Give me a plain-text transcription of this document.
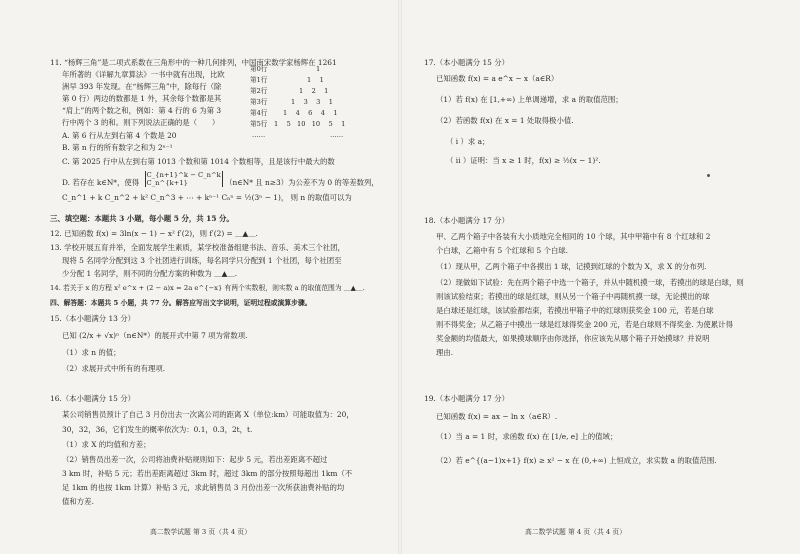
11. “杨辉三角”是二项式系数在三角形中的一种几何排列，中国南宋数学家杨辉在 1261
年所著的《详解九章算法》一书中就有出现，比欧
洲早 393 年发现。在“杨辉三角”中，除每行（除
第 0 行）两边的数都是 1 外，其余每个数都是其
“肩上”的两个数之和，例如：第 4 行的 6 为第 3
行中两个 3 的和。则下列说法正确的是（　　）
第0行	1
第1行	1    1
第2行	1    2    1
第3行	1    3    3    1
第4行 1    4    6    4    1
第5行 1    5   10   10    5    1
……	……
A. 第 6 行从左到右第 4 个数是 20
B. 第 n 行的所有数字之和为 2ⁿ⁻¹
C. 第 2025 行中从左到右第 1013 个数和第 1014 个数相等，且是该行中最大的数
D. 若存在 k∈N*，使得 C_{n+1}^k − C_n^k
C_n^{k+1}	（n∈N* 且 n≥3）为公差不为 0 的等差数列，
C_n^1 + k C_n^2 + k² C_n^3 + ⋯ + kⁿ⁻¹ Cₙⁿ = ½(3ⁿ − 1)， 则 n 的取值可以为
三、填空题：本题共 3 小题，每小题 5 分，共 15 分。
12. 已知函数 f(x) = 3ln(x − 1) − x² f′(2)，则 f′(2) = ＿▲＿.
13. 学校开展五育并举，全面发展学生素质，某学校准备组建书法、音乐、美术三个社团，
现将 5 名同学分配到这 3 个社团进行训练，每名同学只分配到 1 个社团，每个社团至
少分配 1 名同学，则不同的分配方案的种数为 ＿▲＿.
14. 若关于 x 的方程 x² e^x + (2 − a)x = 2a e^{−x} 有两个实数根，则实数 a 的取值范围为 ＿▲＿.
四、解答题：本题共 5 小题，共 77 分。解答应写出文字说明，证明过程或演算步骤。
15.（本小题满分 13 分）
已知 (2/x + √x)ⁿ（n∈N*）的展开式中第 7 项为常数项.
（1）求 n 的值；
（2）求展开式中所有的有理项.
16.（本小题满分 15 分）
某公司销售员预计了自己 3 月份出去一次离公司的距离 X（单位:km）可能取值为：20，
30，32，36，它们发生的概率依次为：0.1，0.3，2t，t.
（1）求 X 的均值和方差；
（2）销售员出差一次，公司将油费补贴规则如下：起步 5 元，若出差距离不超过
3 km 时，补贴 5 元；若出差距离超过 3km 时，超过 3km 的部分按照每超出 1km（不
足 1km 的也按 1km 计算）补贴 3 元，求此销售员 3 月份出差一次所获油费补贴的均
值和方差.
高二数学试题 第 3 页（共 4 页）
17.（本小题满分 15 分）
已知函数 f(x) = a e^x − x（a∈R）
（1）若 f(x) 在 [1,+∞) 上单调递增，求 a 的取值范围；
（2）若函数 f(x) 在 x = 1 处取得极小值.
（ i ）求 a；
（ ii ）证明：当 x ≥ 1 时，f(x) ≥ ½(x − 1)².
18.（本小题满分 17 分）
甲、乙两个箱子中各装有大小质地完全相同的 10 个球，其中甲箱中有 8 个红球和 2
个白球，乙箱中有 5 个红球和 5 个白球.
（1）现从甲，乙两个箱子中各摸出 1 球，记摸到红球的个数为 X，求 X 的分布列.
（2）现做如下试验：先在两个箱子中选一个箱子，并从中随机摸一球，若摸出的球是白球，则
则该试验结束；若摸出的球是红球，则从另一个箱子中再随机摸一球，无论摸出的球
是白球还是红球，该试验都结束，若摸出甲箱子中的红球则获奖金 100 元，若是白球
则不得奖金；从乙箱子中摸出一球是红球得奖金 200 元，若是白球则不得奖金. 为使累计得
奖金额的均值最大，如果摸球顺序由你选择，你应该先从哪个箱子开始摸球？并说明
理由.
19.（本小题满分 17 分）
已知函数 f(x) = ax − ln x（a∈R）.
（1）当 a = 1 时，求函数 f(x) 在 [1/e, e] 上的值域；
（2）若 e^{(a−1)x+1} f(x) ≥ x² − x 在 (0,+∞) 上恒成立，求实数 a 的取值范围.
高二数学试题 第 4 页（共 4 页）
